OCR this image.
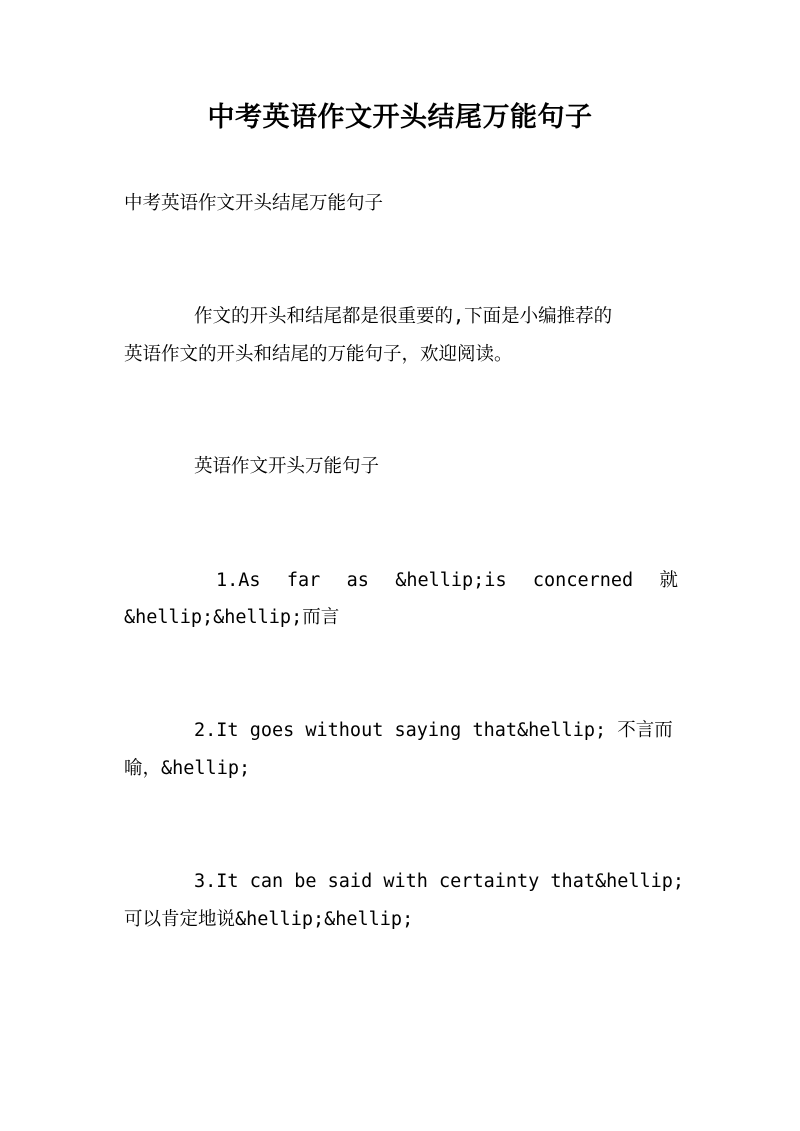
中考英语作文开头结尾万能句子
中考英语作文开头结尾万能句子
作文的开头和结尾都是很重要的,下面是小编推荐的
英语作文的开头和结尾的万能句子，欢迎阅读。
英语作文开头万能句子
1.As far as &hellip;is concerned 就
&hellip;&hellip;而言
2.It goes without saying that&hellip; 不言而
喻，&hellip;
3.It can be said with certainty that&hellip;
可以肯定地说&hellip;&hellip;
